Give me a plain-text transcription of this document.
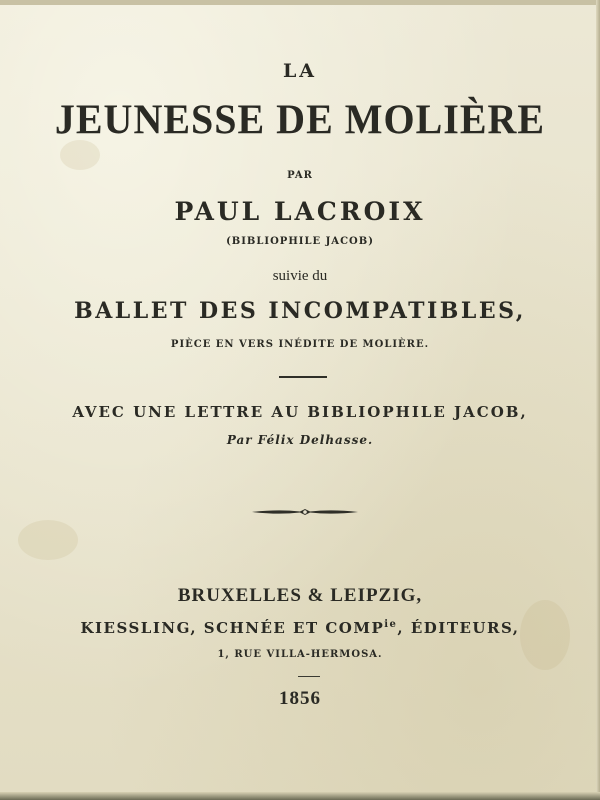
LA
JEUNESSE DE MOLIÈRE
PAR
PAUL LACROIX
(BIBLIOPHILE JACOB)
suivie du
BALLET DES INCOMPATIBLES,
PIÈCE EN VERS INÉDITE DE MOLIÈRE.
AVEC UNE LETTRE AU BIBLIOPHILE JACOB,
Par Félix Delhasse.
BRUXELLES & LEIPZIG,
KIESSLING, SCHNÉE ET $COMP^{ie}$, ÉDITEURS,
1, RUE VILLA-HERMOSA.
1856
